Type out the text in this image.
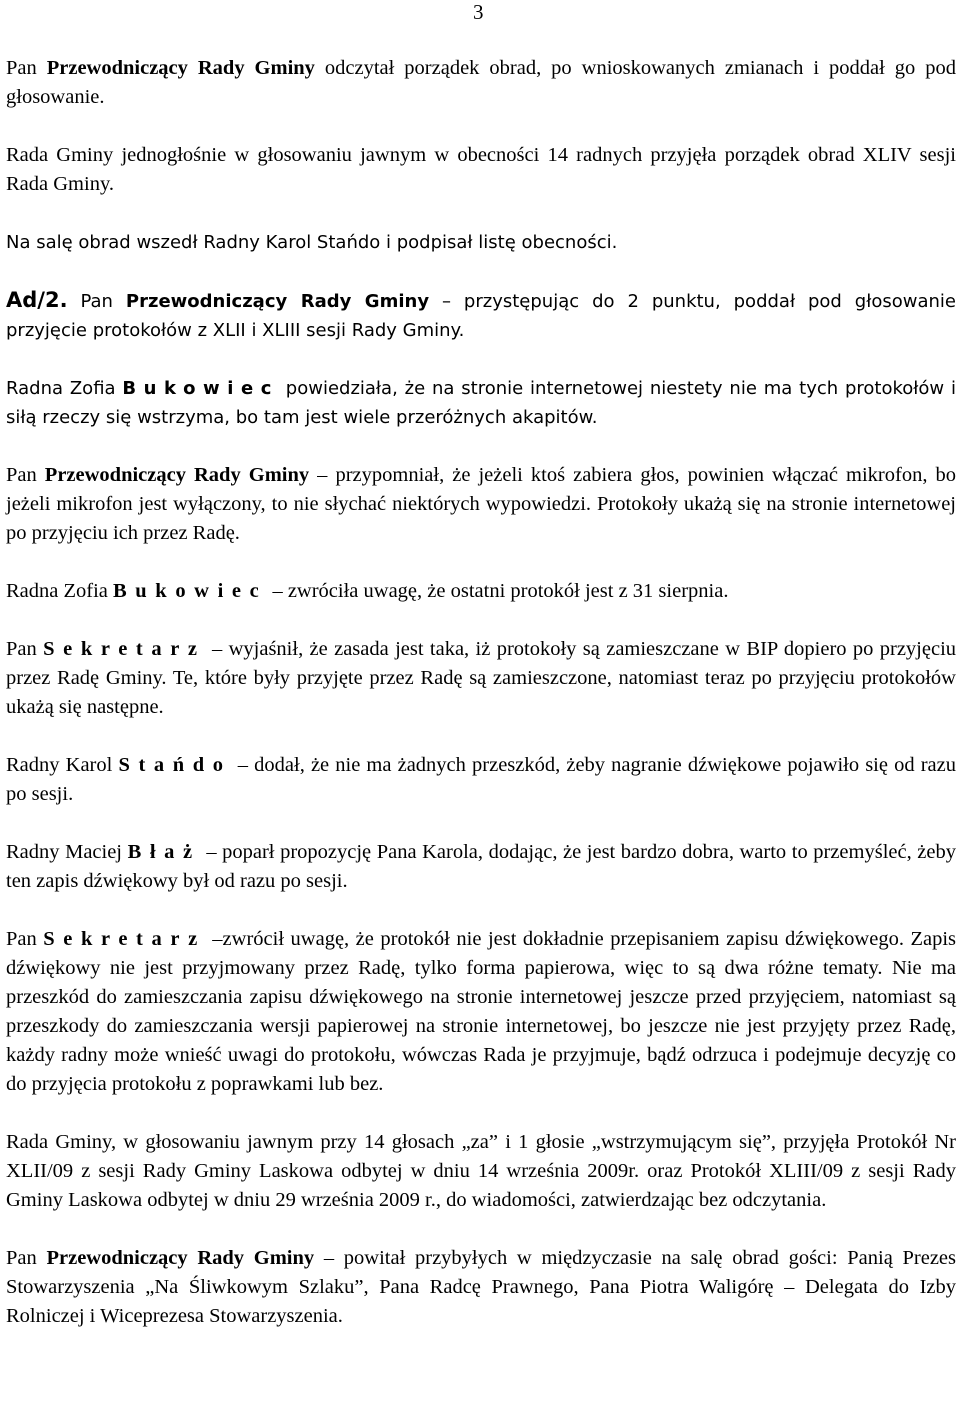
3

Pan Przewodniczący Rady Gminy odczytał porządek obrad, po wnioskowanych zmianach i poddał go pod głosowanie.

Rada Gminy jednogłośnie w głosowaniu jawnym w obecności 14 radnych przyjęła porządek obrad XLIV sesji Rada Gminy.

Na salę obrad wszedł Radny Karol Stańdo i podpisał listę obecności.

Ad/2. Pan Przewodniczący Rady Gminy – przystępując do 2 punktu, poddał pod głosowanie przyjęcie protokołów z XLII i XLIII sesji Rady Gminy.

Radna Zofia Bukowiec powiedziała, że na stronie internetowej niestety nie ma tych protokołów i siłą rzeczy się wstrzyma, bo tam jest wiele przeróżnych akapitów.

Pan Przewodniczący Rady Gminy – przypomniał, że jeżeli ktoś zabiera głos, powinien włączać mikrofon, bo jeżeli mikrofon jest wyłączony, to nie słychać niektórych wypowiedzi. Protokoły ukażą się na stronie internetowej po przyjęciu ich przez Radę.

Radna Zofia Bukowiec – zwróciła uwagę, że ostatni protokół jest z 31 sierpnia.

Pan Sekretarz – wyjaśnił, że zasada jest taka, iż protokoły są zamieszczane w BIP dopiero po przyjęciu przez Radę Gminy. Te, które były przyjęte przez Radę są zamieszczone, natomiast teraz po przyjęciu protokołów ukażą się następne.

Radny Karol Stańdo – dodał, że nie ma żadnych przeszkód, żeby nagranie dźwiękowe pojawiło się od razu po sesji.

Radny Maciej Błaż – poparł propozycję Pana Karola, dodając, że jest bardzo dobra, warto to przemyśleć, żeby ten zapis dźwiękowy był od razu po sesji.

Pan Sekretarz –zwrócił uwagę, że protokół nie jest dokładnie przepisaniem zapisu dźwiękowego. Zapis dźwiękowy nie jest przyjmowany przez Radę, tylko forma papierowa, więc to są dwa różne tematy. Nie ma przeszkód do zamieszczania zapisu dźwiękowego na stronie internetowej jeszcze przed przyjęciem, natomiast są przeszkody do zamieszczania wersji papierowej na stronie internetowej, bo jeszcze nie jest przyjęty przez Radę, każdy radny może wnieść uwagi do protokołu, wówczas Rada je przyjmuje, bądź odrzuca i podejmuje decyzję co do przyjęcia protokołu z poprawkami lub bez.

Rada Gminy, w głosowaniu jawnym przy 14 głosach „za” i 1 głosie „wstrzymującym się”, przyjęła Protokół Nr XLII/09 z sesji Rady Gminy Laskowa odbytej w dniu 14 września 2009r. oraz Protokół XLIII/09 z sesji Rady Gminy Laskowa odbytej w dniu 29 września 2009 r., do wiadomości, zatwierdzając bez odczytania.

Pan Przewodniczący Rady Gminy – powitał przybyłych w międzyczasie na salę obrad gości: Panią Prezes Stowarzyszenia „Na Śliwkowym Szlaku”, Pana Radcę Prawnego, Pana Piotra Waligórę – Delegata do Izby Rolniczej i Wiceprezesa Stowarzyszenia.
